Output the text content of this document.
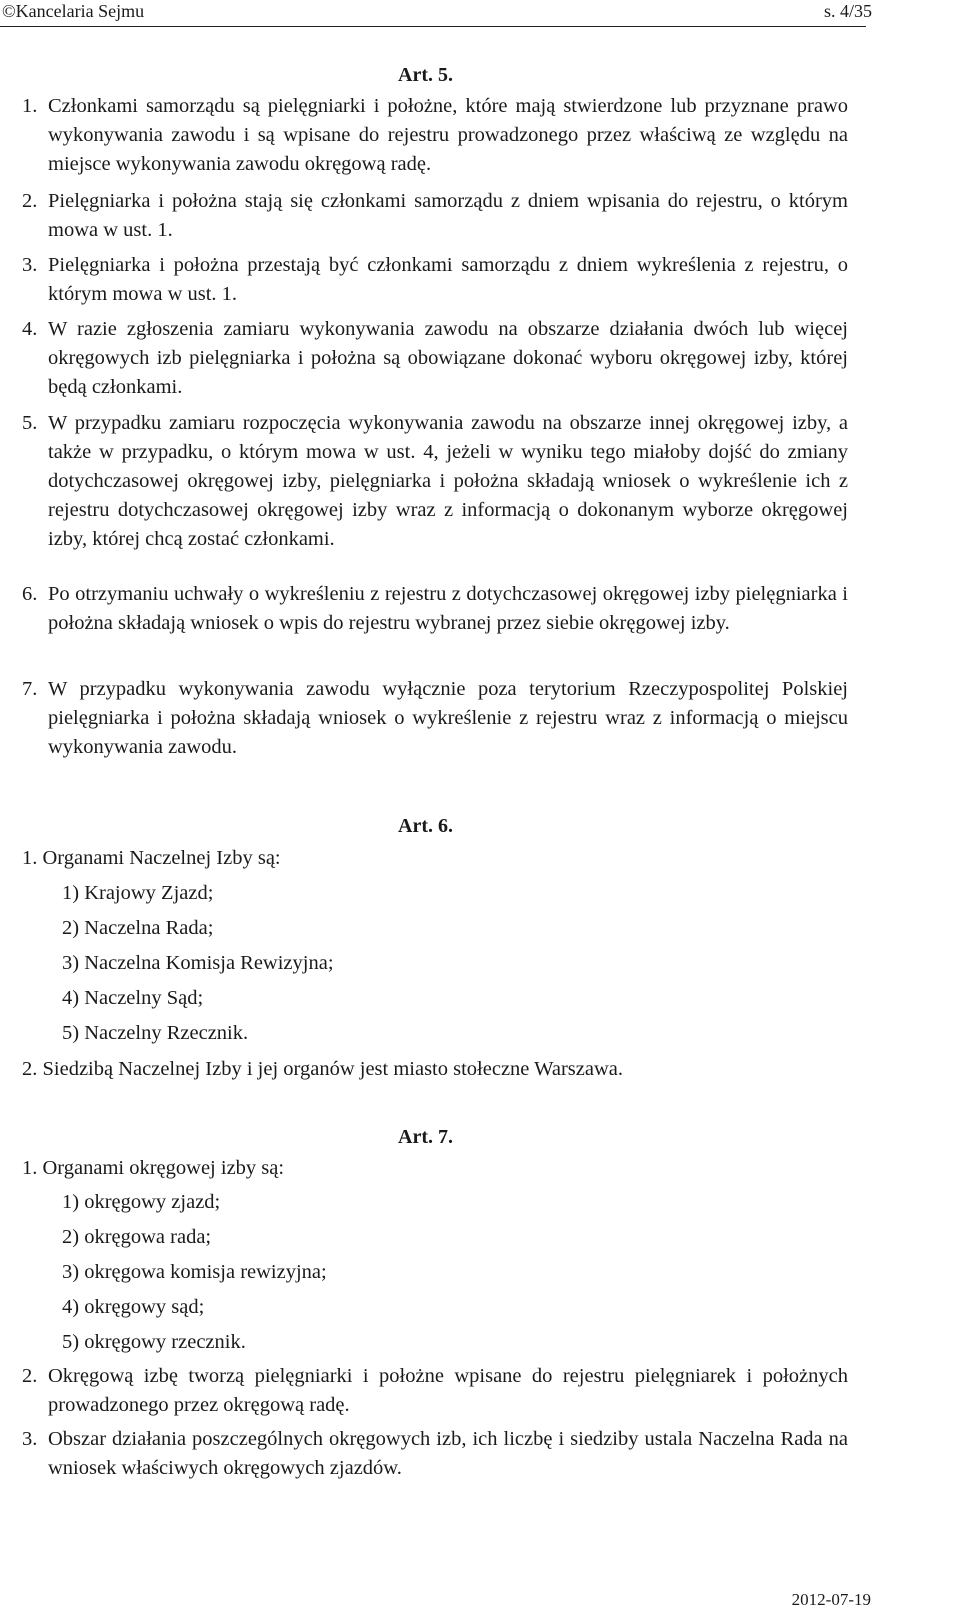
©Kancelaria Sejmu	s. 4/35
Art. 5.
1. Członkami samorządu są pielęgniarki i położne, które mają stwierdzone lub przyznane prawo wykonywania zawodu i są wpisane do rejestru prowadzonego przez właściwą ze względu na miejsce wykonywania zawodu okręgową radę.
2. Pielęgniarka i położna stają się członkami samorządu z dniem wpisania do rejestru, o którym mowa w ust. 1.
3. Pielęgniarka i położna przestają być członkami samorządu z dniem wykreślenia z rejestru, o którym mowa w ust. 1.
4. W razie zgłoszenia zamiaru wykonywania zawodu na obszarze działania dwóch lub więcej okręgowych izb pielęgniarka i położna są obowiązane dokonać wyboru okręgowej izby, której będą członkami.
5. W przypadku zamiaru rozpoczęcia wykonywania zawodu na obszarze innej okręgowej izby, a także w przypadku, o którym mowa w ust. 4, jeżeli w wyniku tego miałoby dojść do zmiany dotychczasowej okręgowej izby, pielęgniarka i położna składają wniosek o wykreślenie ich z rejestru dotychczasowej okręgowej izby wraz z informacją o dokonanym wyborze okręgowej izby, której chcą zostać członkami.
6. Po otrzymaniu uchwały o wykreśleniu z rejestru z dotychczasowej okręgowej izby pielęgniarka i położna składają wniosek o wpis do rejestru wybranej przez siebie okręgowej izby.
7. W przypadku wykonywania zawodu wyłącznie poza terytorium Rzeczypospolitej Polskiej pielęgniarka i położna składają wniosek o wykreślenie z rejestru wraz z informacją o miejscu wykonywania zawodu.
Art. 6.
1. Organami Naczelnej Izby są:
1) Krajowy Zjazd;
2) Naczelna Rada;
3) Naczelna Komisja Rewizyjna;
4) Naczelny Sąd;
5) Naczelny Rzecznik.
2. Siedzibą Naczelnej Izby i jej organów jest miasto stołeczne Warszawa.
Art. 7.
1. Organami okręgowej izby są:
1) okręgowy zjazd;
2) okręgowa rada;
3) okręgowa komisja rewizyjna;
4) okręgowy sąd;
5) okręgowy rzecznik.
2. Okręgową izbę tworzą pielęgniarki i położne wpisane do rejestru pielęgniarek i położnych prowadzonego przez okręgową radę.
3. Obszar działania poszczególnych okręgowych izb, ich liczbę i siedziby ustala Naczelna Rada na wniosek właściwych okręgowych zjazdów.
2012-07-19
